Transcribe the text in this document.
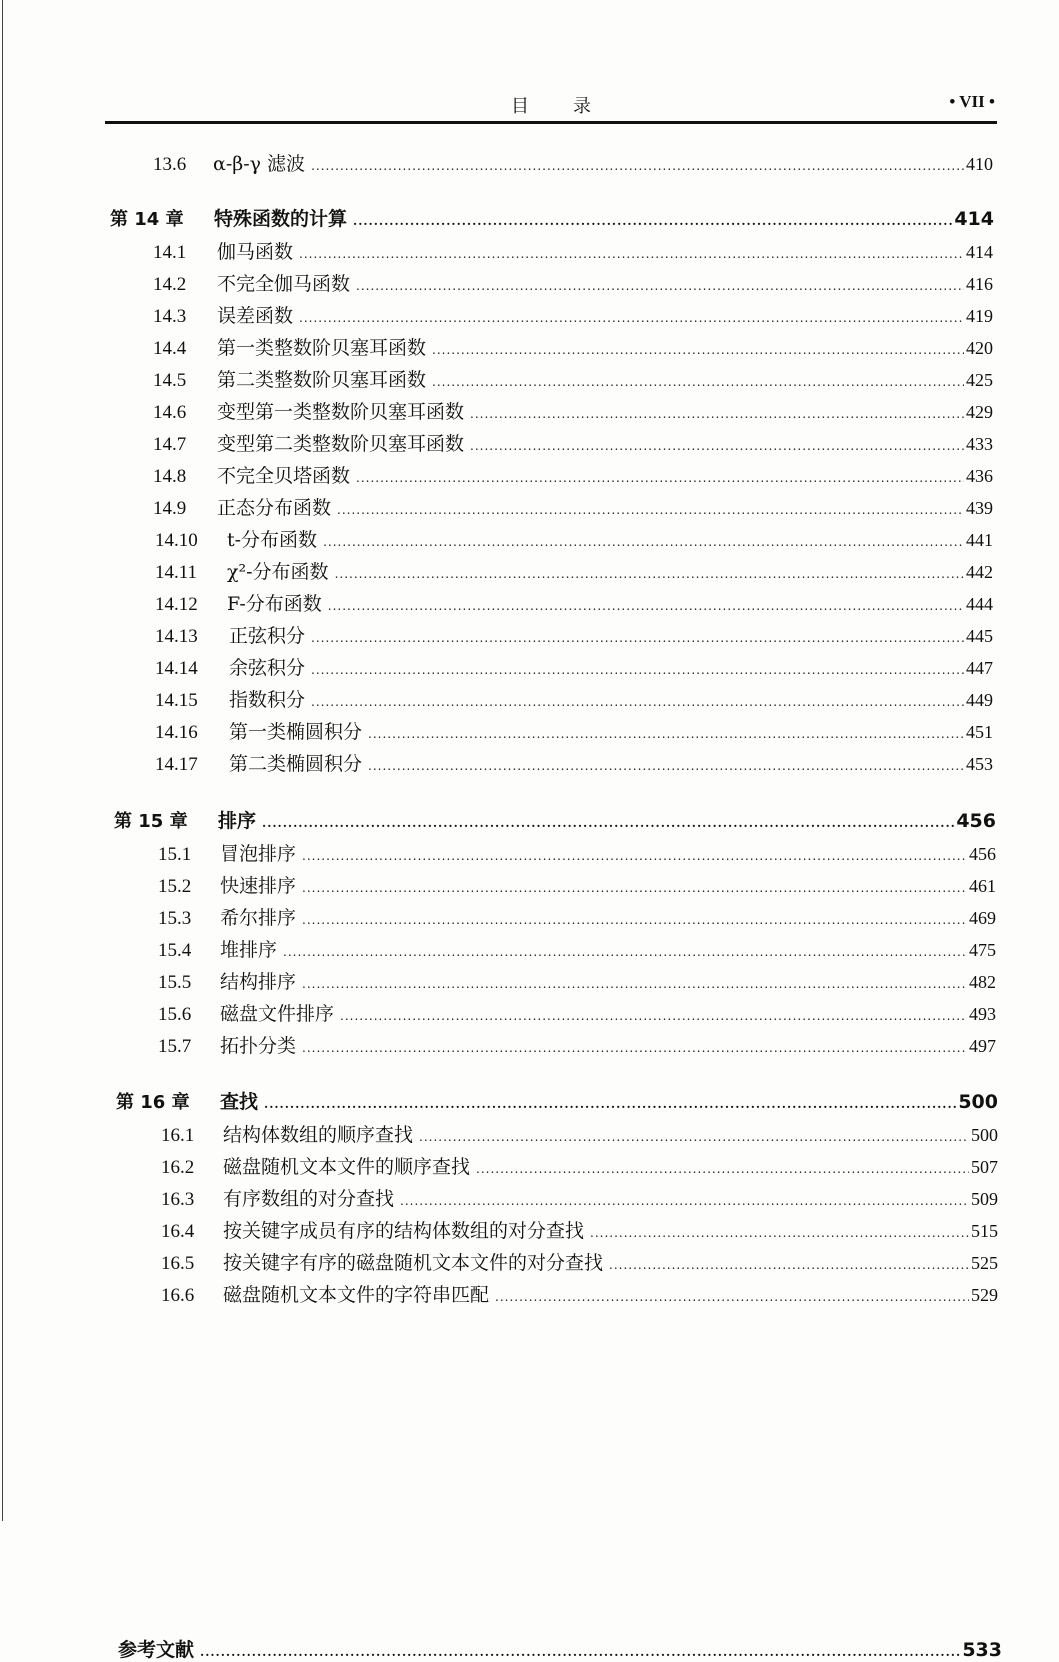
目 录	• VII •
13.6	α-β-γ 滤波 .....	410
第 14 章	特殊函数的计算 .....	414
14.1	伽马函数 .....	414
14.2	不完全伽马函数 .....	416
14.3	误差函数 .....	419
14.4	第一类整数阶贝塞耳函数 .....	420
14.5	第二类整数阶贝塞耳函数 .....	425
14.6	变型第一类整数阶贝塞耳函数 .....	429
14.7	变型第二类整数阶贝塞耳函数 .....	433
14.8	不完全贝塔函数 .....	436
14.9	正态分布函数 .....	439
14.10	t-分布函数 .....	441
14.11	χ²-分布函数 .....	442
14.12	F-分布函数 .....	444
14.13	正弦积分 .....	445
14.14	余弦积分 .....	447
14.15	指数积分 .....	449
14.16	第一类椭圆积分 .....	451
14.17	第二类椭圆积分 .....	453
第 15 章	排序 .....	456
15.1	冒泡排序 .....	456
15.2	快速排序 .....	461
15.3	希尔排序 .....	469
15.4	堆排序 .....	475
15.5	结构排序 .....	482
15.6	磁盘文件排序 .....	493
15.7	拓扑分类 .....	497
第 16 章	查找 .....	500
16.1	结构体数组的顺序查找 .....	500
16.2	磁盘随机文本文件的顺序查找 .....	507
16.3	有序数组的对分查找 .....	509
16.4	按关键字成员有序的结构体数组的对分查找 .....	515
16.5	按关键字有序的磁盘随机文本文件的对分查找 .....	525
16.6	磁盘随机文本文件的字符串匹配 .....	529
参考文献 .....	533
